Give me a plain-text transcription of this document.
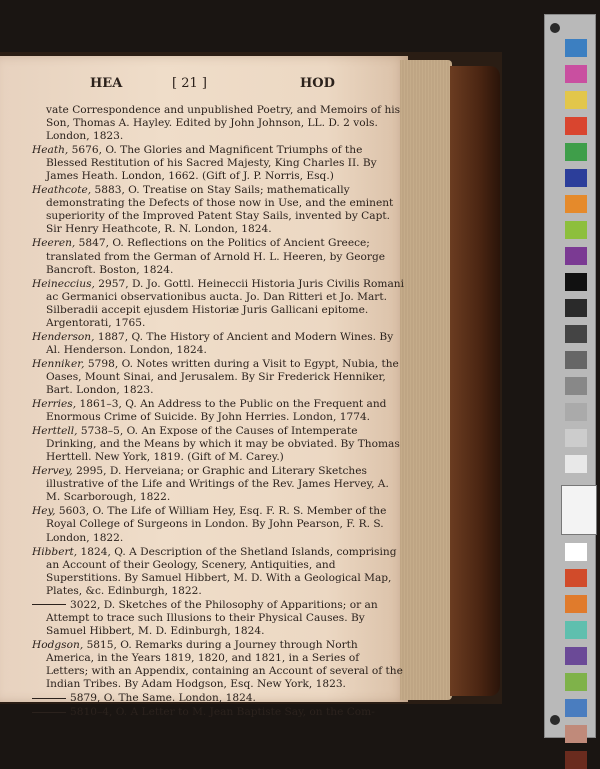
HEA	[ 21 ]	HOD

vate Correspondence and unpublished Poetry, and Memoirs of his Son, Thomas A. Hayley. Edited by John Johnson, LL. D. 2 vols. London, 1823.

Heath, 5676, O. The Glories and Magnificent Triumphs of the Blessed Restitution of his Sacred Majesty, King Charles II. By James Heath. London, 1662. (Gift of J. P. Norris, Esq.)

Heathcote, 5883, O. Treatise on Stay Sails; mathematically demonstrating the Defects of those now in Use, and the eminent superiority of the Improved Patent Stay Sails, invented by Capt. Sir Henry Heathcote, R. N. London, 1824.

Heeren, 5847, O. Reflections on the Politics of Ancient Greece; translated from the German of Arnold H. L. Heeren, by George Bancroft. Boston, 1824.

Heineccius, 2957, D. Jo. Gottl. Heineccii Historia Juris Civilis Romani ac Germanici observationibus aucta. Jo. Dan Ritteri et Jo. Mart. Silberadii accepit ejusdem Historiæ Juris Gallicani epitome. Argentorati, 1765.

Henderson, 1887, Q. The History of Ancient and Modern Wines. By Al. Henderson. London, 1824.

Henniker, 5798, O. Notes written during a Visit to Egypt, Nubia, the Oases, Mount Sinai, and Jerusalem. By Sir Frederick Henniker, Bart. London, 1823.

Herries, 1861–3, Q. An Address to the Public on the Frequent and Enormous Crime of Suicide. By John Herries. London, 1774.

Herttell, 5738–5, O. An Expose of the Causes of Intemperate Drinking, and the Means by which it may be obviated. By Thomas Herttell. New York, 1819. (Gift of M. Carey.)

Hervey, 2995, D. Herveiana; or Graphic and Literary Sketches illustrative of the Life and Writings of the Rev. James Hervey, A. M. Scarborough, 1822.

Hey, 5603, O. The Life of William Hey, Esq. F. R. S. Member of the Royal College of Surgeons in London. By John Pearson, F. R. S. London, 1822.

Hibbert, 1824, Q. A Description of the Shetland Islands, comprising an Account of their Geology, Scenery, Antiquities, and Superstitions. By Samuel Hibbert, M. D. With a Geological Map, Plates, &c. Edinburgh, 1822.

3022, D. Sketches of the Philosophy of Apparitions; or an Attempt to trace such Illusions to their Physical Causes. By Samuel Hibbert, M. D. Edinburgh, 1824.

Hodgson, 5815, O. Remarks during a Journey through North America, in the Years 1819, 1820, and 1821, in a Series of Letters; with an Appendix, containing an Account of several of the Indian Tribes. By Adam Hodgson, Esq. New York, 1823.

5879, O. The Same. London, 1824.

5810–4, O. A Letter to M. Jean Baptiste Say, on the Com-
